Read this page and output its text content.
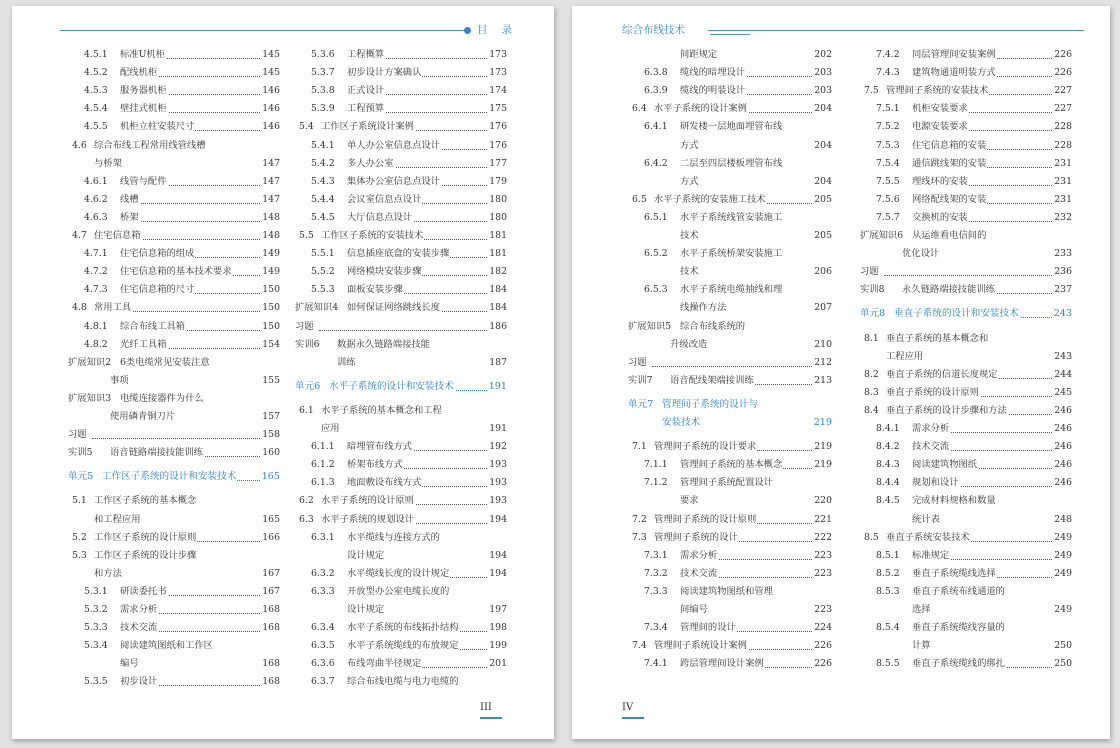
目录
4.5.1 标准U机柜	145
4.5.2 配线机柜	145
4.5.3 服务器机柜	146
4.5.4 壁挂式机柜	146
4.5.5 机柜立柱安装尺寸	146
4.6 综合布线工程常用线管线槽
与桥架	147
4.6.1 线管与配件	147
4.6.2 线槽	147
4.6.3 桥架	148
4.7 住宅信息箱	148
4.7.1 住宅信息箱的组成	149
4.7.2 住宅信息箱的基本技术要求	149
4.7.3 住宅信息箱的尺寸	150
4.8 常用工具	150
4.8.1 综合布线工具箱	150
4.8.2 光纤工具箱	154
扩展知识2 6类电缆常见安装注意
事项	155
扩展知识3 电缆连接器件为什么
使用磷青铜刀片	157
习题	158
实训5 语音链路端接技能训练	160
单元5 工作区子系统的设计和安装技术	165
5.1 工作区子系统的基本概念
和工程应用	165
5.2 工作区子系统的设计原则	166
5.3 工作区子系统的设计步骤
和方法	167
5.3.1 研读委托书	167
5.3.2 需求分析	168
5.3.3 技术交流	168
5.3.4 阅读建筑图纸和工作区
编号	168
5.3.5 初步设计	168
5.3.6 工程概算	173
5.3.7 初步设计方案确认	173
5.3.8 正式设计	174
5.3.9 工程预算	175
5.4 工作区子系统设计案例	176
5.4.1 单人办公室信息点设计	176
5.4.2 多人办公室	177
5.4.3 集体办公室信息点设计	179
5.4.4 会议室信息点设计	180
5.4.5 大厅信息点设计	180
5.5 工作区子系统的安装技术	181
5.5.1 信息插座底盒的安装步骤	181
5.5.2 网络模块安装步骤	182
5.5.3 面板安装步骤	184
扩展知识4 如何保证网络跳线长度	184
习题	186
实训6 数据永久链路端接技能
训练	187
单元6 水平子系统的设计和安装技术	191
6.1 水平子系统的基本概念和工程
应用	191
6.1.1 暗埋管布线方式	192
6.1.2 桥架布线方式	193
6.1.3 地面敷设布线方式	193
6.2 水平子系统的设计原则	193
6.3 水平子系统的规划设计	194
6.3.1 水平缆线与连接方式的
设计规定	194
6.3.2 水平缆线长度的设计规定	194
6.3.3 开放型办公室电缆长度的
设计规定	197
6.3.4 水平子系统的布线拓扑结构	198
6.3.5 水平子系统缆线的布放规定	199
6.3.6 布线弯曲半径规定	201
6.3.7 综合布线电缆与电力电缆的
III
综合布线技术
间距规定	202
6.3.8 缆线的暗埋设计	203
6.3.9 缆线的明装设计	203
6.4 水平子系统的设计案例	204
6.4.1 研发楼一层地面埋管布线
方式	204
6.4.2 二层至四层楼板埋管布线
方式	204
6.5 水平子系统的安装施工技术	205
6.5.1 水平子系统线管安装施工
技术	205
6.5.2 水平子系统桥架安装施工
技术	206
6.5.3 水平子系统电缆抽线和理
线操作方法	207
扩展知识5 综合布线系统的
升级改造	210
习题	212
实训7 语音配线架端接训练	213
单元7 管理间子系统的设计与
安装技术	219
7.1 管理间子系统的设计要求	219
7.1.1 管理间子系统的基本概念	219
7.1.2 管理间子系统配置设计
要求	220
7.2 管理间子系统的设计原则	221
7.3 管理间子系统的设计	222
7.3.1 需求分析	223
7.3.2 技术交流	223
7.3.3 阅读建筑物图纸和管理
间编号	223
7.3.4 管理间的设计	224
7.4 管理间子系统设计案例	226
7.4.1 跨层管理间设计案例	226
7.4.2 同层管理间安装案例	226
7.4.3 建筑物通道明装方式	226
7.5 管理间子系统的安装技术	227
7.5.1 机柜安装要求	227
7.5.2 电源安装要求	228
7.5.3 住宅信息箱的安装	228
7.5.4 通信跳线架的安装	231
7.5.5 理线环的安装	231
7.5.6 网络配线架的安装	231
7.5.7 交换机的安装	232
扩展知识6 从运维看电信间的
优化设计	233
习题	236
实训8 永久链路端接技能训练	237
单元8 垂直子系统的设计和安装技术	243
8.1 垂直子系统的基本概念和
工程应用	243
8.2 垂直子系统的信道长度规定	244
8.3 垂直子系统的设计原则	245
8.4 垂直子系统的设计步骤和方法	246
8.4.1 需求分析	246
8.4.2 技术交流	246
8.4.3 阅读建筑物图纸	246
8.4.4 规划和设计	246
8.4.5 完成材料规格和数量
统计表	248
8.5 垂直子系统安装技术	249
8.5.1 标准规定	249
8.5.2 垂直子系统缆线选择	249
8.5.3 垂直子系统布线通道的
选择	249
8.5.4 垂直子系统缆线容量的
计算	250
8.5.5 垂直子系统缆线的绑扎	250
IV
